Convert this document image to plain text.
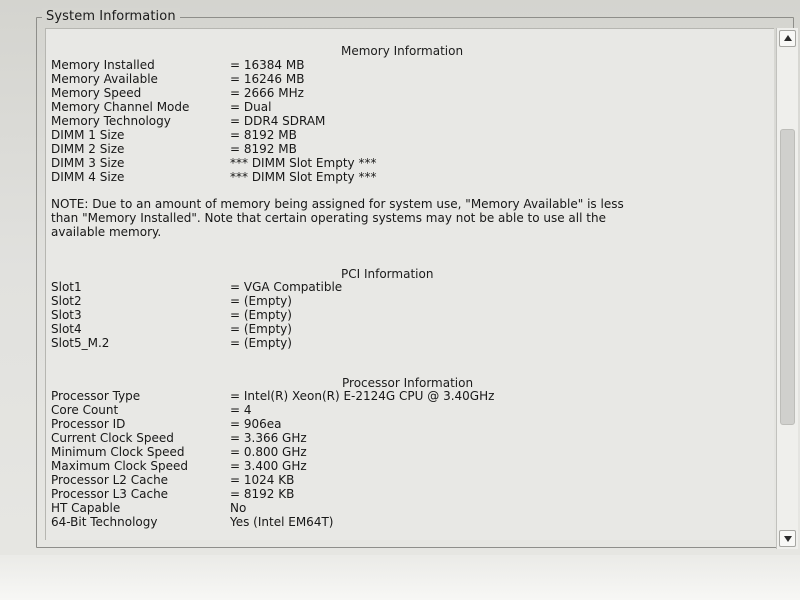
System Information
Memory Information
Memory Installed	= 16384 MB
Memory Available	= 16246 MB
Memory Speed	= 2666 MHz
Memory Channel Mode	= Dual
Memory Technology	= DDR4 SDRAM
DIMM 1 Size	= 8192 MB
DIMM 2 Size	= 8192 MB
DIMM 3 Size	*** DIMM Slot Empty ***
DIMM 4 Size	*** DIMM Slot Empty ***
NOTE: Due to an amount of memory being assigned for system use, "Memory Available" is less
than "Memory Installed". Note that certain operating systems may not be able to use all the
available memory.
PCI Information
Slot1	= VGA Compatible
Slot2	= (Empty)
Slot3	= (Empty)
Slot4	= (Empty)
Slot5_M.2	= (Empty)
Processor Information
Processor Type	= Intel(R) Xeon(R) E-2124G CPU @ 3.40GHz
Core Count	= 4
Processor ID	= 906ea
Current Clock Speed	= 3.366 GHz
Minimum Clock Speed	= 0.800 GHz
Maximum Clock Speed	= 3.400 GHz
Processor L2 Cache	= 1024 KB
Processor L3 Cache	= 8192 KB
HT Capable	No
64-Bit Technology	Yes (Intel EM64T)
